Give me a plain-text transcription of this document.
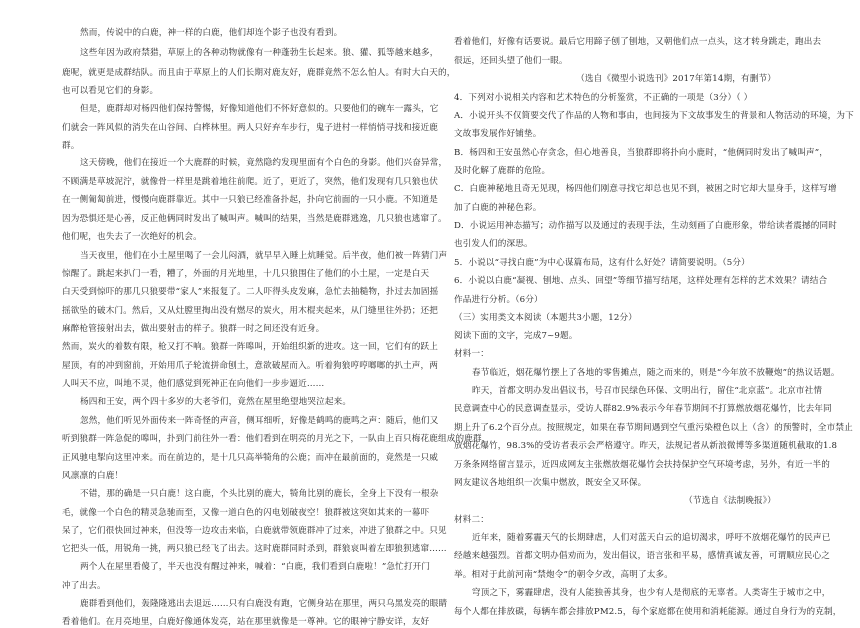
然而，传说中的白鹿，神一样的白鹿，他们却连个影子也没有看到。
这些年因为政府禁猎，草原上的各种动物就像有一种蓬勃生长起来。狼、獾、狐等越来越多，
鹿呢，就更是成群结队。而且由于草原上的人们长期对鹿友好，鹿群竟然不怎么怕人。有时大白天的，
也可以看见它们的身影。
但是，鹿群却对杨四他们保持警惕，好像知道他们不怀好意似的。只要他们的碗车一露头，它
们就会一阵风似的消失在山谷间、白桦林里。两人只好弃车步行，鬼子进村一样悄悄寻找和接近鹿
群。
这天傍晚，他们在接近一个大鹿群的时候，竟然隐约发现里面有个白色的身影。他们兴奋异常，
不顾满是草坡泥泞，就像骨一样里是跳着地往前爬。近了，更近了，突然，他们发现有几只狼也伏
在一侧匍匐前进，慢慢向鹿群靠近。其中一只狼已经准备扑起，扑向它前面的一只小鹿。不知道是
因为恐惧还是心善，反正他俩同时发出了喊叫声。喊叫的结果，当然是鹿群逃逸，几只狼也逃窜了。
他们呢，也失去了一次绝好的机会。
当天夜里，他们在小土屋里喝了一会儿闷酒，就早早入睡上炕睡觉。后半夜，他们被一阵猜门声
惊醒了。跳起来扒门一看，糟了，外面的月光地里，十几只狼围住了他们的小土屋，一定是白天
白天受到惊吓的那几只狼要带“家人”来报复了。二人吓得头皮发麻，急忙去抽糙物，扑过去加固摇
摇欲坠的破木门。然后，又从灶膛里掏出没有燃尽的炭火，用木棍夹起来，从门缝里往外扔；还把
麻醉枪管接射出去，做出要射击的样子。狼群一时之间还没有近身。
然而，炭火的着数有限，枪又打不响。狼群一阵嗥叫，开始组织新的进攻。这一回，它们有的跃上
屋顶，有的冲到窗前，开始用爪子轮流拼命刨土，意欲破屋而入。听着狗狼哼哼啷啷的扒土声，两
人叫天不应，叫地不灵，他们感觉到死神正在向他们一步步逼近……
杨四和王安，两个四十多岁的大老爷们，竟然在屋里绝望地哭泣起来。
忽然，他们听见外面传来一阵奇怪的声音，侧耳细听，好像是鹤鸣的鹿鸣之声：随后，他们又
听到狼群一阵急促的嗥叫，扑到门前往外一看：他们看到在明亮的月光之下，一队由上百只梅花鹿组成的鹿群，
正风驰电掣向这里冲来。而在前边的，是十几只高举犄角的公鹿；而冲在最前面的，竟然是一只威
风凛凛的白鹿！
不错，那的确是一只白鹿！这白鹿，个头比别的鹿大，犄角比别的鹿长，全身上下没有一根杂
毛，就像一个白色的精灵急驰而至，又像一道白色的闪电划破夜空！狼群被这突如其来的一幕吓
呆了，它们很快回过神来，但没等一边攻击来临，白鹿就带领鹿群冲了过来，冲进了狼群之中。只见
它把头一低，用锐角一挑，两只狼已经飞了出去。这时鹿群同时杀到，群狼哀叫着左即狼狈逃窜……
两个人在屋里看傻了，半天也没有醒过神来，喊着：“白鹿，我们看到白鹿啦！”急忙打开门
冲了出去。
鹿群看到他们，轰隆隆逃出去退远……只有白鹿没有跑，它侧身站在那里，两只乌黑发亮的眼睛
看着他们。在月亮地里，白鹿好像通体发亮，站在那里就像是一尊神。它的眼神宁静安详，友好
看着他们，好像有话要说。最后它用蹄子刨了刨地，又朝他们点一点头，这才转身跳走，跑出去
很远，还回头望了他们一眼。
（选自《微型小说选刊》2017年第14期，有删节）
4．下列对小说相关内容和艺术特色的分析鉴赏，不正确的一项是（3分）（ ）
A．小说开头不仅简要交代了作品的人物和事由，也间接为下文故事发生的背景和人物活动的环境，为下
文故事发展作好铺垫。
B．杨四和王安虽然心存贪念，但心地善良，当狼群即将扑向小鹿时，“他俩同时发出了喊叫声”，
及时化解了鹿群的危险。
C．白鹿神秘地且奇无见现，杨四他们刚意寻找它却总也见不到，被困之时它却大显身手，这样写增
加了白鹿的神秘色彩。
D．小说运用神态描写；动作描写以及通过的表现手法，生动刻画了白鹿形象，带给读者震撼的同时
也引发人们的深思。
5．小说以“寻找白鹿”为中心谋篇布局，这有什么好处？请简要说明。（5分）
6．小说以白鹿“凝视、刨地、点头、回望”等细节描写结尾，这样处理有怎样的艺术效果？请结合
作品进行分析。（6分）
（三）实用类文本阅读（本题共3小题，12分）
阅读下面的文字，完成7~9题。
材料一：
春节临近，烟花爆竹摆上了各地的零售摊点，随之而来的，则是“今年放不放鞭炮”的热议话题。
昨天，首都文明办发出倡议书，号召市民绿色环保、文明出行，留住“北京蓝”。北京市社情
民意调查中心的民意调查显示，受访人群82.9%表示今年春节期间不打算燃放烟花爆竹，比去年同
期上升了6.2个百分点。按照规定，如果在春节期间遇到空气重污染橙色以上（含）的预警时，全市禁止
放烟花爆竹，98.3%的受访者表示会严格遵守。昨天，法规记者从新浪微博等多渠道随机截取的1.8
万条条网络留言显示，近四成网友主张燃放烟花爆竹会扶持保护空气环境考虑，另外，有近一半的
网友建议各地组织一次集中燃放，既安全又环保。
（节选自《法制晚报》）
材料二：
近年来，随着雾霾天气的长期肆虐，人们对蓝天白云的追切渴求，呼吁不放烟花爆竹的民声已
经越来越强烈。首都文明办倡劝而为，发出倡议，语言张和平易，感情真诚友善，可谓顺应民心之
举。相对于此前河南“禁炮令”的朝令夕改，高明了太多。
穹顶之下，雾霾肆虐，没有人能独善其身，也少有人是彻底的无辜者。人类寄生于城市之中，
每个人都在排放碳，每辆车都会排放PM2.5，每个家庭都在使用和消耗能源。通过自身行为的克制，
